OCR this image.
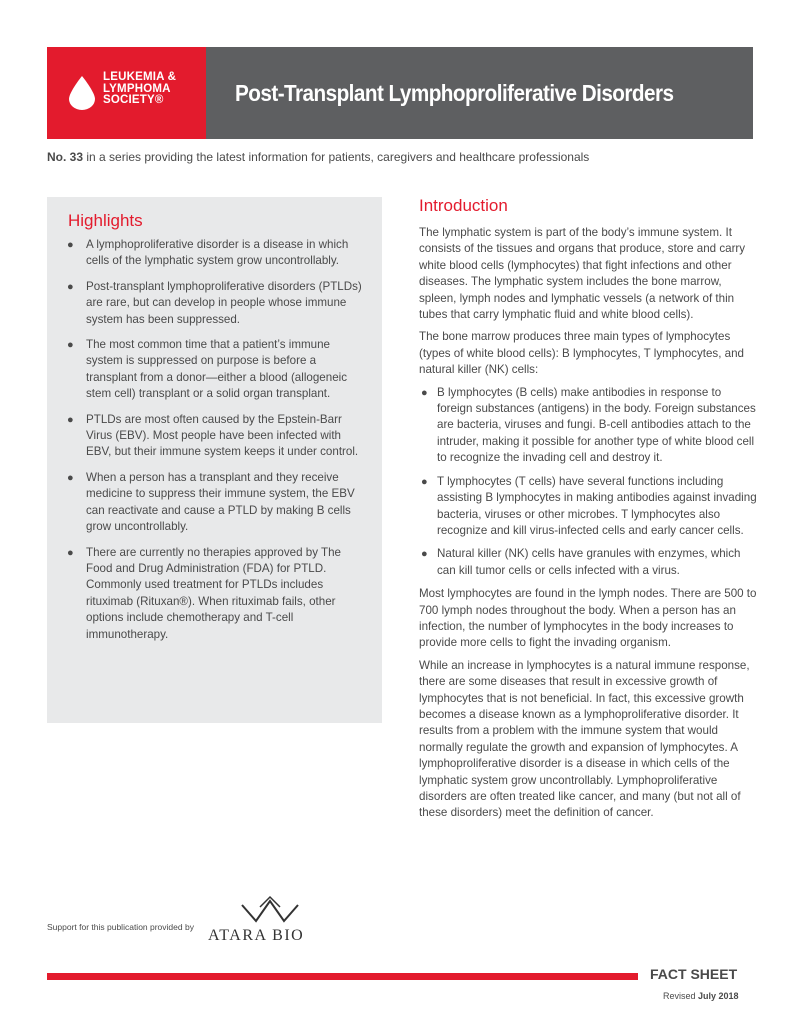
LEUKEMIA &
LYMPHOMA
SOCIETY®	Post-Transplant Lymphoproliferative Disorders
No. 33 in a series providing the latest information for patients, caregivers and healthcare professionals
Highlights
● A lymphoproliferative disorder is a disease in which cells of the lymphatic system grow uncontrollably.
● Post-transplant lymphoproliferative disorders (PTLDs) are rare, but can develop in people whose immune system has been suppressed.
● The most common time that a patient’s immune system is suppressed on purpose is before a transplant from a donor—either a blood (allogeneic stem cell) transplant or a solid organ transplant.
● PTLDs are most often caused by the Epstein-Barr Virus (EBV). Most people have been infected with EBV, but their immune system keeps it under control.
● When a person has a transplant and they receive medicine to suppress their immune system, the EBV can reactivate and cause a PTLD by making B cells grow uncontrollably.
● There are currently no therapies approved by The Food and Drug Administration (FDA) for PTLD. Commonly used treatment for PTLDs includes rituximab (Rituxan®). When rituximab fails, other options include chemotherapy and T-cell immunotherapy.
Introduction

The lymphatic system is part of the body’s immune system. It consists of the tissues and organs that produce, store and carry white blood cells (lymphocytes) that fight infections and other diseases. The lymphatic system includes the bone marrow, spleen, lymph nodes and lymphatic vessels (a network of thin tubes that carry lymphatic fluid and white blood cells).

The bone marrow produces three main types of lymphocytes (types of white blood cells): B lymphocytes, T lymphocytes, and natural killer (NK) cells:

● B lymphocytes (B cells) make antibodies in response to foreign substances (antigens) in the body. Foreign substances are bacteria, viruses and fungi. B-cell antibodies attach to the intruder, making it possible for another type of white blood cell to recognize the invading cell and destroy it.
● T lymphocytes (T cells) have several functions including assisting B lymphocytes in making antibodies against invading bacteria, viruses or other microbes. T lymphocytes also recognize and kill virus-infected cells and early cancer cells.
● Natural killer (NK) cells have granules with enzymes, which can kill tumor cells or cells infected with a virus.

Most lymphocytes are found in the lymph nodes. There are 500 to 700 lymph nodes throughout the body. When a person has an infection, the number of lymphocytes in the body increases to provide more cells to fight the invading organism.

While an increase in lymphocytes is a natural immune response, there are some diseases that result in excessive growth of lymphocytes that is not beneficial. In fact, this excessive growth becomes a disease known as a lymphoproliferative disorder. It results from a problem with the immune system that would normally regulate the growth and expansion of lymphocytes. A lymphoproliferative disorder is a disease in which cells of the lymphatic system grow uncontrollably. Lymphoproliferative disorders are often treated like cancer, and many (but not all of these disorders) meet the definition of cancer.

Support for this publication provided by ATARA BIO
FACT SHEET
Revised July 2018
